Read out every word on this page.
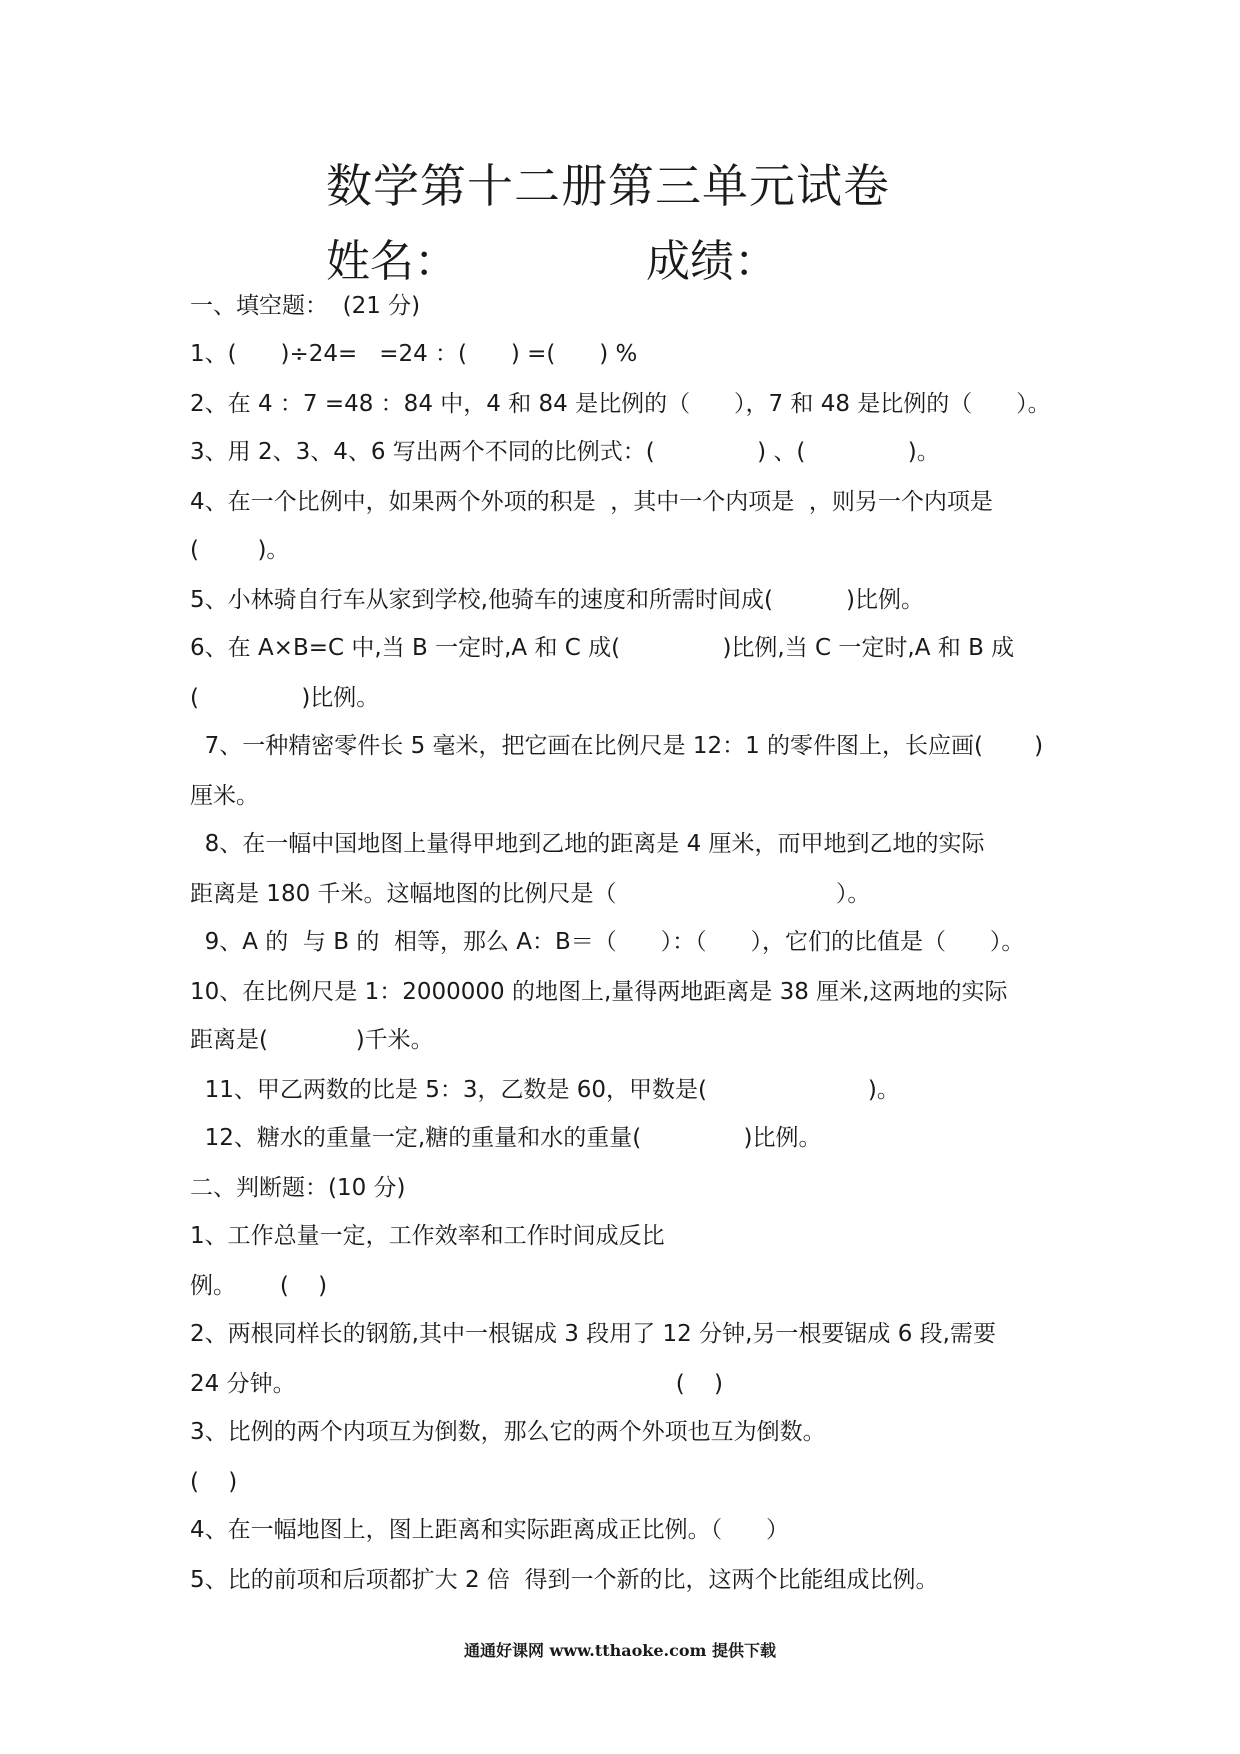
数学第十二册第三单元试卷
姓名：	成绩：
一、填空题：  (21 分)
1、(      )÷24=   =24 ：(      ) =(      ) %
2、在 4 ：7 =48 ：84 中，4 和 84 是比例的（      ），7 和 48 是比例的（      ）。
3、用 2、3、4、6 写出两个不同的比例式：(              ) 、(              )。
4、在一个比例中，如果两个外项的积是  ，其中一个内项是  ，则另一个内项是
(        )。
5、小林骑自行车从家到学校,他骑车的速度和所需时间成(          )比例。
6、在 A×B=C 中,当 B 一定时,A 和 C 成(              )比例,当 C 一定时,A 和 B 成
(              )比例。
7、一种精密零件长 5 毫米，把它画在比例尺是 12：1 的零件图上，长应画(       )
厘米。
8、在一幅中国地图上量得甲地到乙地的距离是 4 厘米，而甲地到乙地的实际
距离是 180 千米。这幅地图的比例尺是（                              ）。
9、A 的  与 B 的  相等，那么 A：B＝（      ）：（      ），它们的比值是（      ）。
10、在比例尺是 1：2000000 的地图上,量得两地距离是 38 厘米,这两地的实际
距离是(            )千米。
11、甲乙两数的比是 5：3，乙数是 60，甲数是(                      )。
12、糖水的重量一定,糖的重量和水的重量(              )比例。
二、判断题：(10 分)
1、工作总量一定，工作效率和工作时间成反比
例。      (    )
2、两根同样长的钢筋,其中一根锯成 3 段用了 12 分钟,另一根要锯成 6 段,需要
24 分钟。                                                    (    )
3、比例的两个内项互为倒数，那么它的两个外项也互为倒数。
(    )
4、在一幅地图上，图上距离和实际距离成正比例。（      ）
5、比的前项和后项都扩大 2 倍  得到一个新的比，这两个比能组成比例。
通通好课网 www.tthaoke.com 提供下载
